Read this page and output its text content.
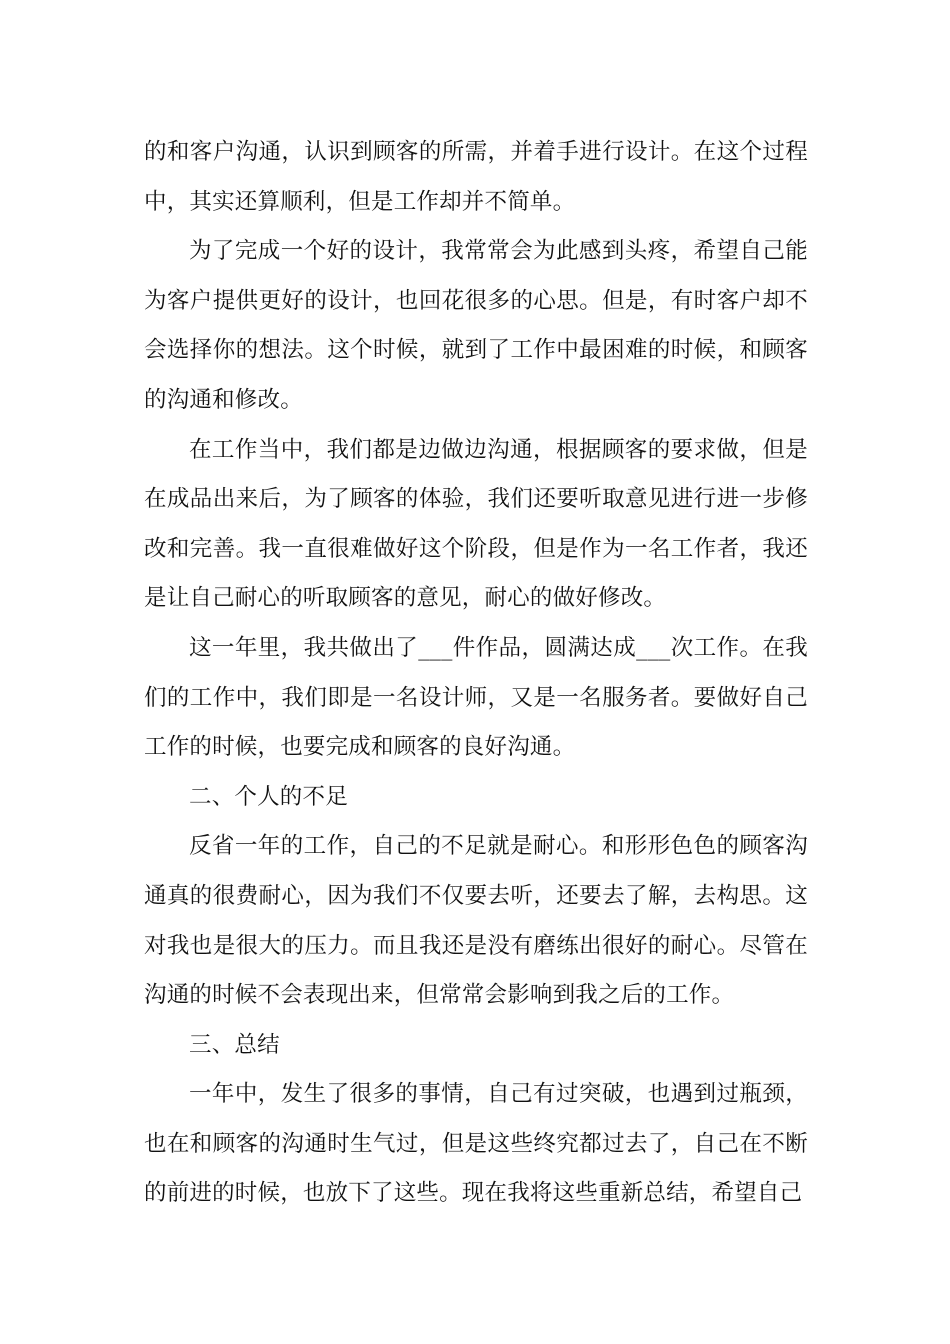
的和客户沟通，认识到顾客的所需，并着手进行设计。在这个过程中，其实还算顺利，但是工作却并不简单。

为了完成一个好的设计，我常常会为此感到头疼，希望自己能为客户提供更好的设计，也回花很多的心思。但是，有时客户却不会选择你的想法。这个时候，就到了工作中最困难的时候，和顾客的沟通和修改。

在工作当中，我们都是边做边沟通，根据顾客的要求做，但是在成品出来后，为了顾客的体验，我们还要听取意见进行进一步修改和完善。我一直很难做好这个阶段，但是作为一名工作者，我还是让自己耐心的听取顾客的意见，耐心的做好修改。

这一年里，我共做出了___件作品，圆满达成___次工作。在我们的工作中，我们即是一名设计师，又是一名服务者。要做好自己工作的时候，也要完成和顾客的良好沟通。

二、个人的不足

反省一年的工作，自己的不足就是耐心。和形形色色的顾客沟通真的很费耐心，因为我们不仅要去听，还要去了解，去构思。这对我也是很大的压力。而且我还是没有磨练出很好的耐心。尽管在沟通的时候不会表现出来，但常常会影响到我之后的工作。

三、总结

一年中，发生了很多的事情，自己有过突破，也遇到过瓶颈，也在和顾客的沟通时生气过，但是这些终究都过去了，自己在不断的前进的时候，也放下了这些。现在我将这些重新总结，希望自己
